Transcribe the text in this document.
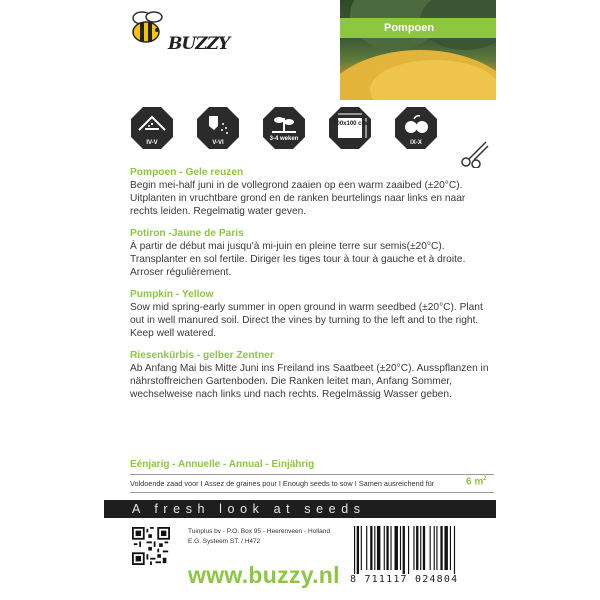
Pompoen
BUZZY
IV-V	V-VI
3-4 weken
100x100 cm
IX-X
Pompoen - Gele reuzen
Begin mei-half juni in de vollegrond zaaien op een warm zaaibed (±20°C). Uitplanten in vruchtbare grond en de ranken beurtelings naar links en naar rechts leiden. Regelmatig water geven.
Potiron -Jaune de Paris
À partir de début mai jusqu'à mi-juin en pleine terre sur semis(±20°C). Transplanter en sol fertile. Diriger les tiges tour à tour à gauche et à droite. Arroser régulièrement.
Pumpkin - Yellow
Sow mid spring-early summer in open ground in warm seedbed (±20°C). Plant out in well manured soil. Direct the vines by turning to the left and to the right. Keep well watered.
Riesenkürbis - gelber Zentner
Ab Anfang Mai bis Mitte Juni ins Freiland ins Saatbeet (±20°C). Ausspflanzen in nährstoffreichen Gartenboden. Die Ranken leitet man, Anfang Sommer, wechselweise nach links und nach rechts. Regelmässig Wasser geben.
Eénjarig - Annuelle - Annual - Einjährig
Voldoende zaad voor I Assez de graines pour I Enough seeds to sow I Samen ausreichend für	6 $m^2$
A fresh look at seeds
Tuinplus bv - P.O. Box 95 - Heerenveen - Holland
E.G. Systeem ST. / H472
www.buzzy.nl 8 711117 024804
